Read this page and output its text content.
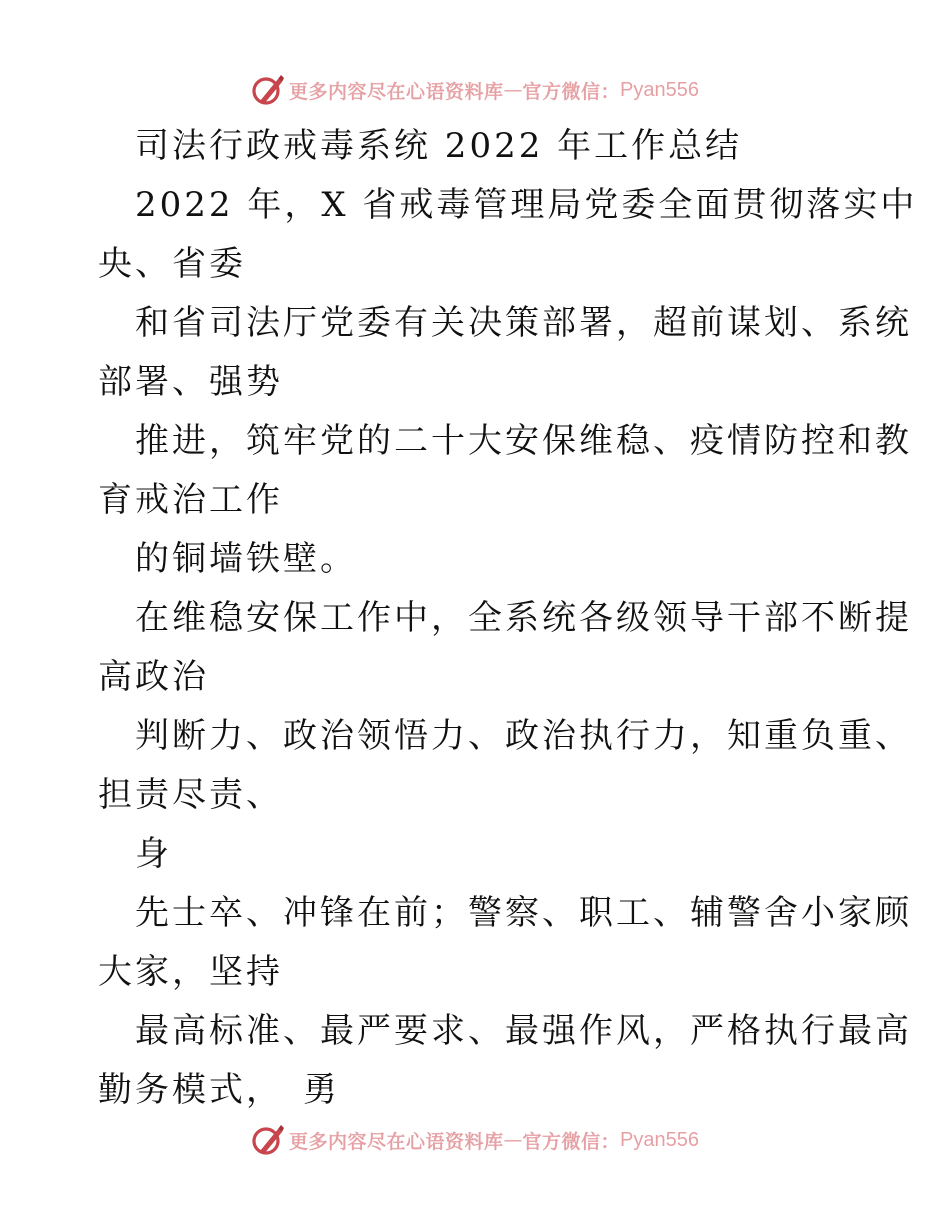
更多内容尽在心语资料库 — 官方微信： Pyan556
司法行政戒毒系统 2022 年工作总结
2022 年，X 省戒毒管理局党委全面贯彻落实中
央、省委
和省司法厅党委有关决策部署，超前谋划、系统
部署、强势
推进，筑牢党的二十大安保维稳、疫情防控和教
育戒治工作
的铜墙铁壁。
在维稳安保工作中，全系统各级领导干部不断提
高政治
判断力、政治领悟力、政治执行力，知重负重、
担责尽责、
身
先士卒、冲锋在前；警察、职工、辅警舍小家顾
大家，坚持
最高标准、最严要求、最强作风，严格执行最高
勤务模式，　勇
更多内容尽在心语资料库 — 官方微信： Pyan556
